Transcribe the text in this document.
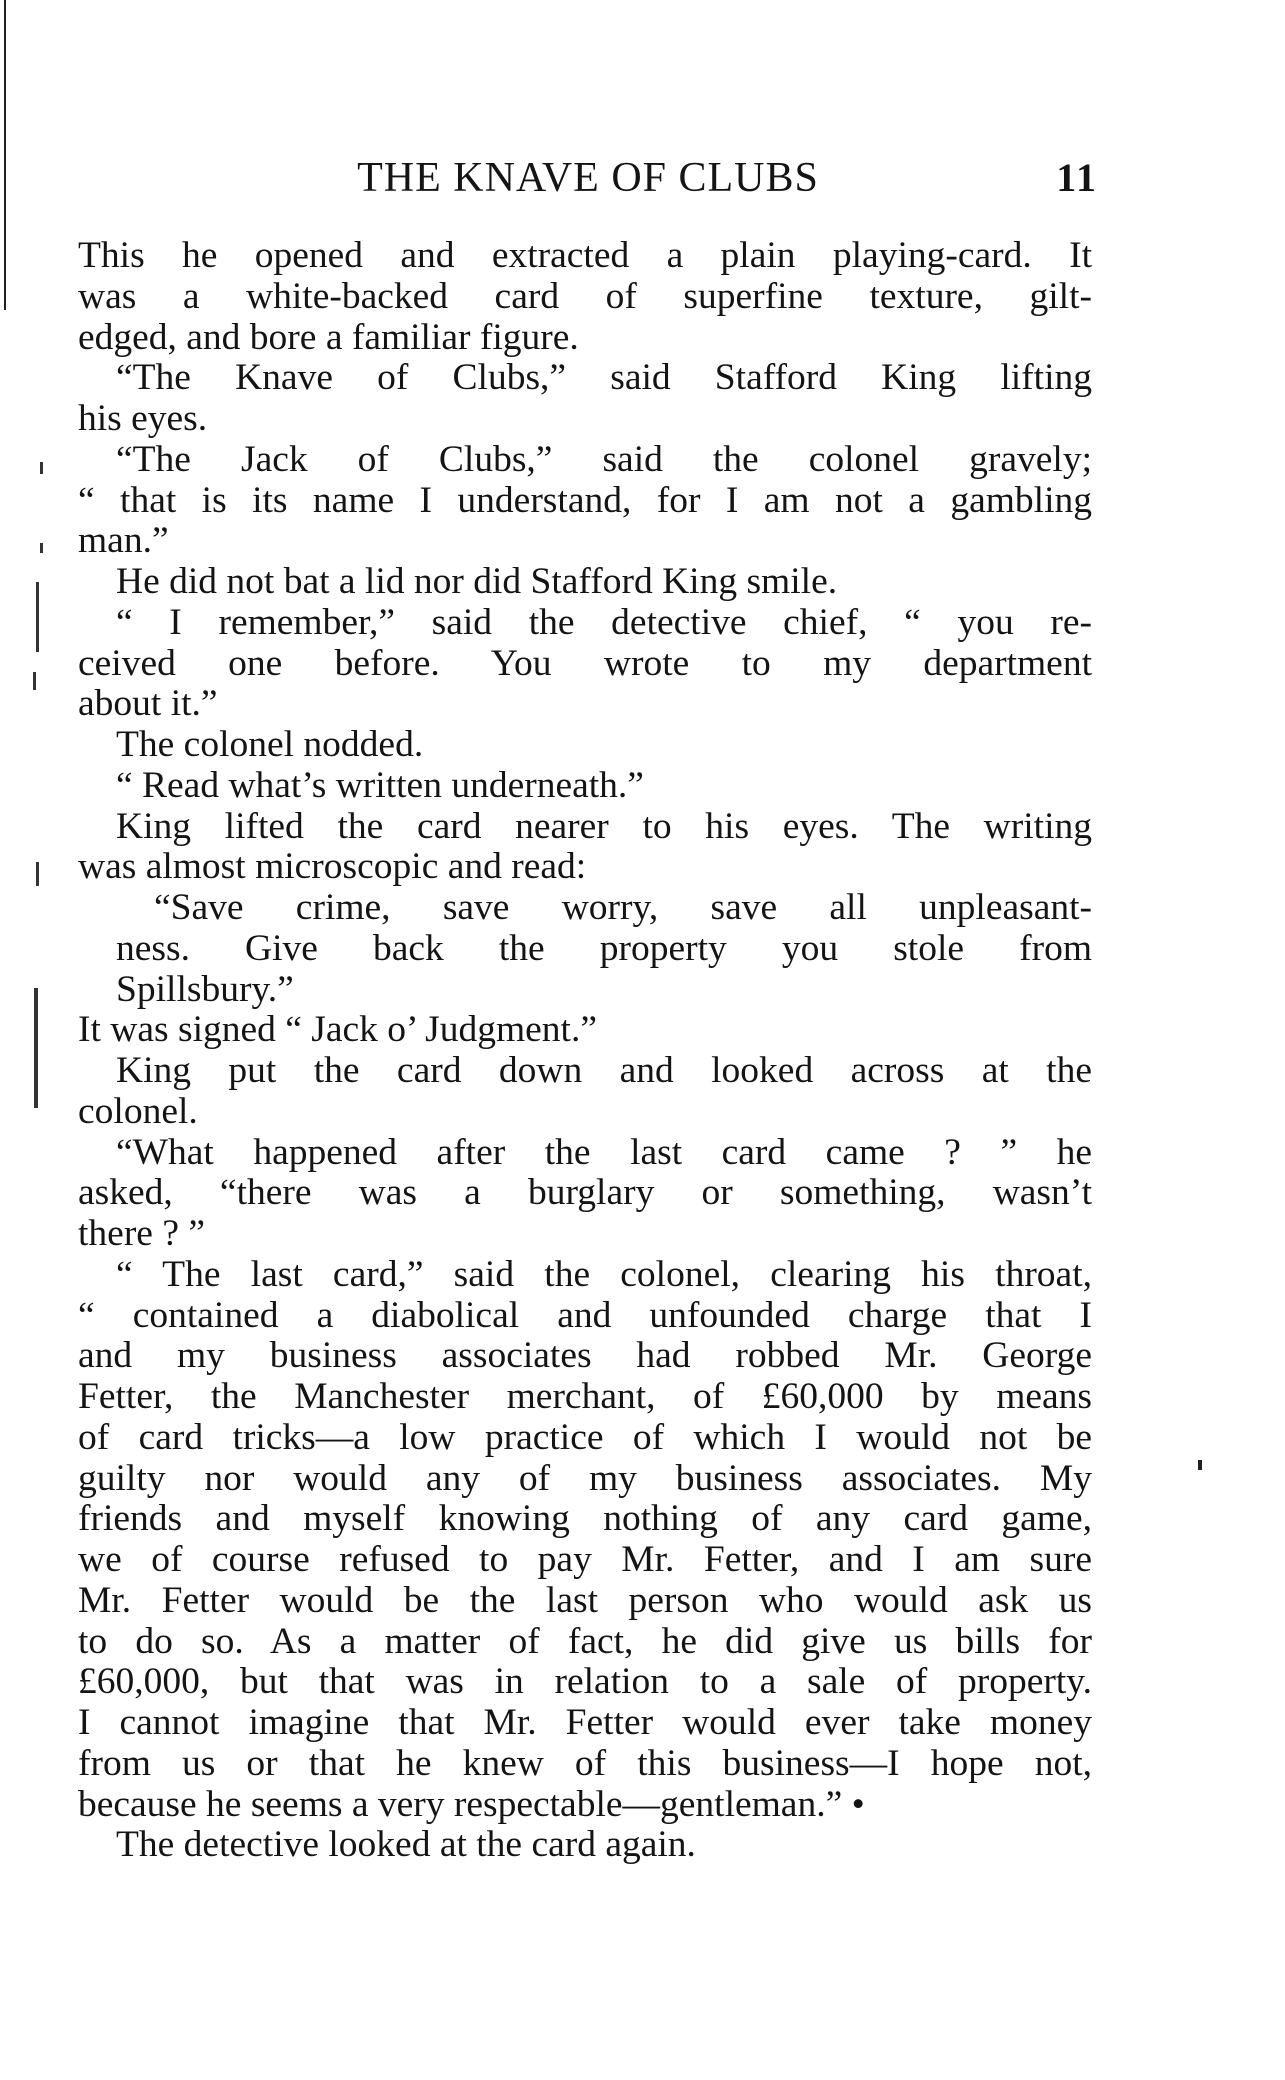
THE KNAVE OF CLUBS	11
This he opened and extracted a plain playing-card. It
was a white-backed card of superfine texture, gilt-
edged, and bore a familiar figure.
“The Knave of Clubs,” said Stafford King lifting
his eyes.
“The Jack of Clubs,” said the colonel gravely;
“ that is its name I understand, for I am not a gambling
man.”
He did not bat a lid nor did Stafford King smile.
“ I remember,” said the detective chief, “ you re-
ceived one before. You wrote to my department
about it.”
The colonel nodded.
“ Read what’s written underneath.”
King lifted the card nearer to his eyes. The writing
was almost microscopic and read:
“Save crime, save worry, save all unpleasant-
ness. Give back the property you stole from
Spillsbury.”
It was signed “ Jack o’ Judgment.”
King put the card down and looked across at the
colonel.
“What happened after the last card came ? ” he
asked, “there was a burglary or something, wasn’t
there ? ”
“ The last card,” said the colonel, clearing his throat,
“ contained a diabolical and unfounded charge that I
and my business associates had robbed Mr. George
Fetter, the Manchester merchant, of £60,000 by means
of card tricks—a low practice of which I would not be
guilty nor would any of my business associates. My
friends and myself knowing nothing of any card game,
we of course refused to pay Mr. Fetter, and I am sure
Mr. Fetter would be the last person who would ask us
to do so. As a matter of fact, he did give us bills for
£60,000, but that was in relation to a sale of property.
I cannot imagine that Mr. Fetter would ever take money
from us or that he knew of this business—I hope not,
because he seems a very respectable—gentleman.” •
The detective looked at the card again.
